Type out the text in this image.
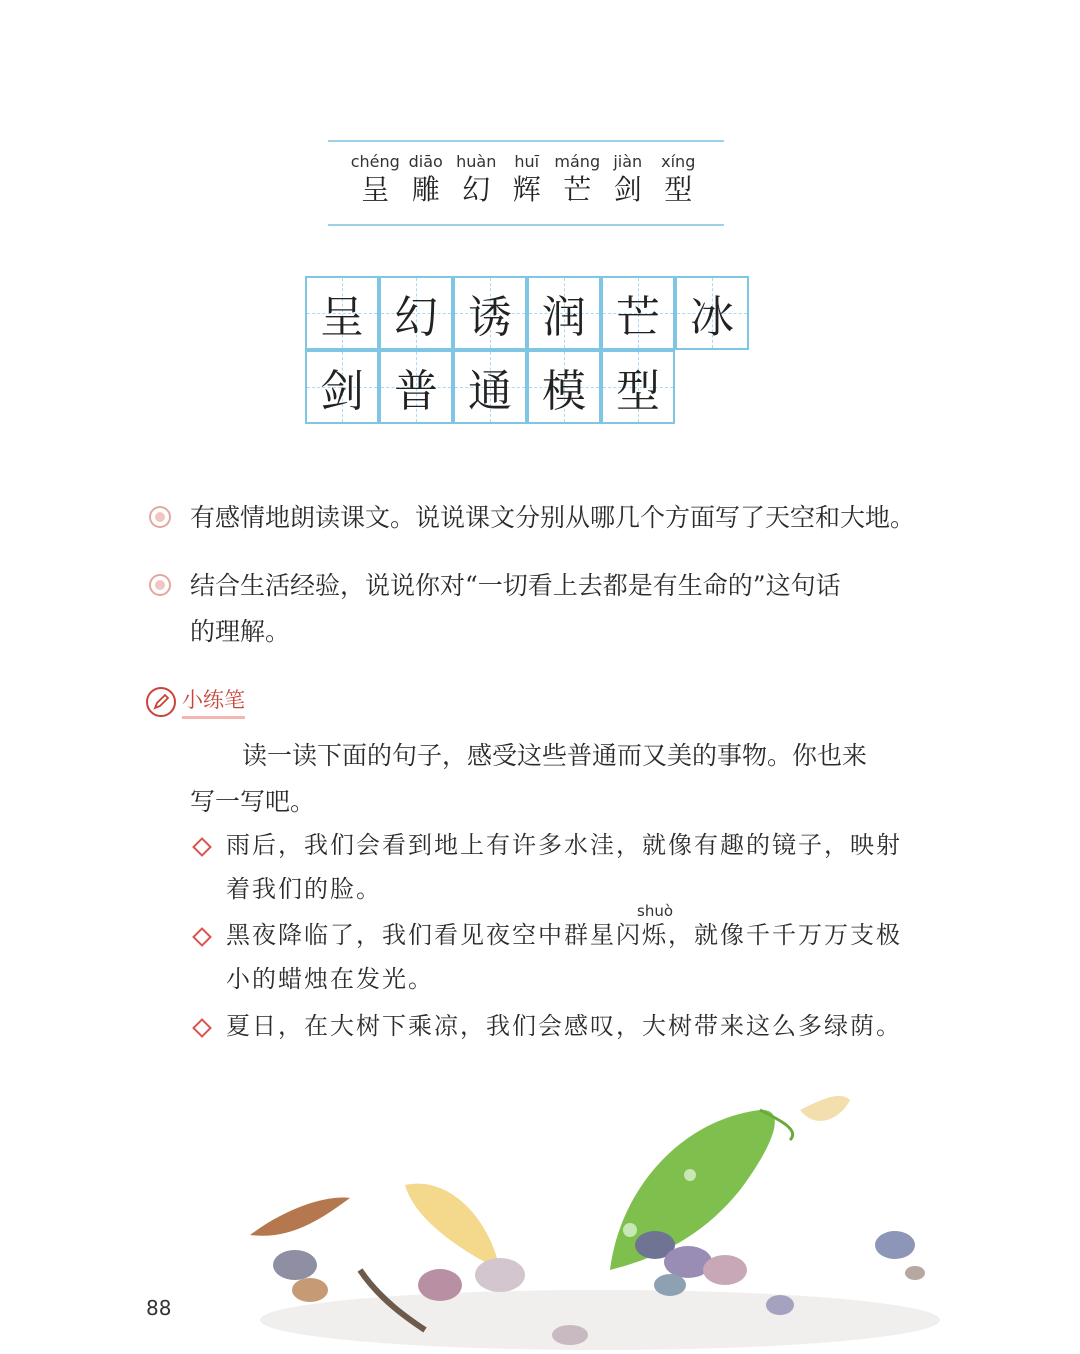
chéng
呈
diāo
雕
huàn
幻
huī
辉
máng
芒
jiàn
剑
xíng
型
呈 幻 诱 润 芒 冰
剑 普 通 模 型
有感情地朗读课文。说说课文分别从哪几个方面写了天空和大地。
结合生活经验，说说你对“一切看上去都是有生命的”这句话
的理解。
小练笔
读一读下面的句子，感受这些普通而又美的事物。你也来
写一写吧。
雨后，我们会看到地上有许多水洼，就像有趣的镜子，映射
着我们的脸。
shuò
黑夜降临了，我们看见夜空中群星闪烁，就像千千万万支极
小的蜡烛在发光。
夏日，在大树下乘凉，我们会感叹，大树带来这么多绿荫。
88
